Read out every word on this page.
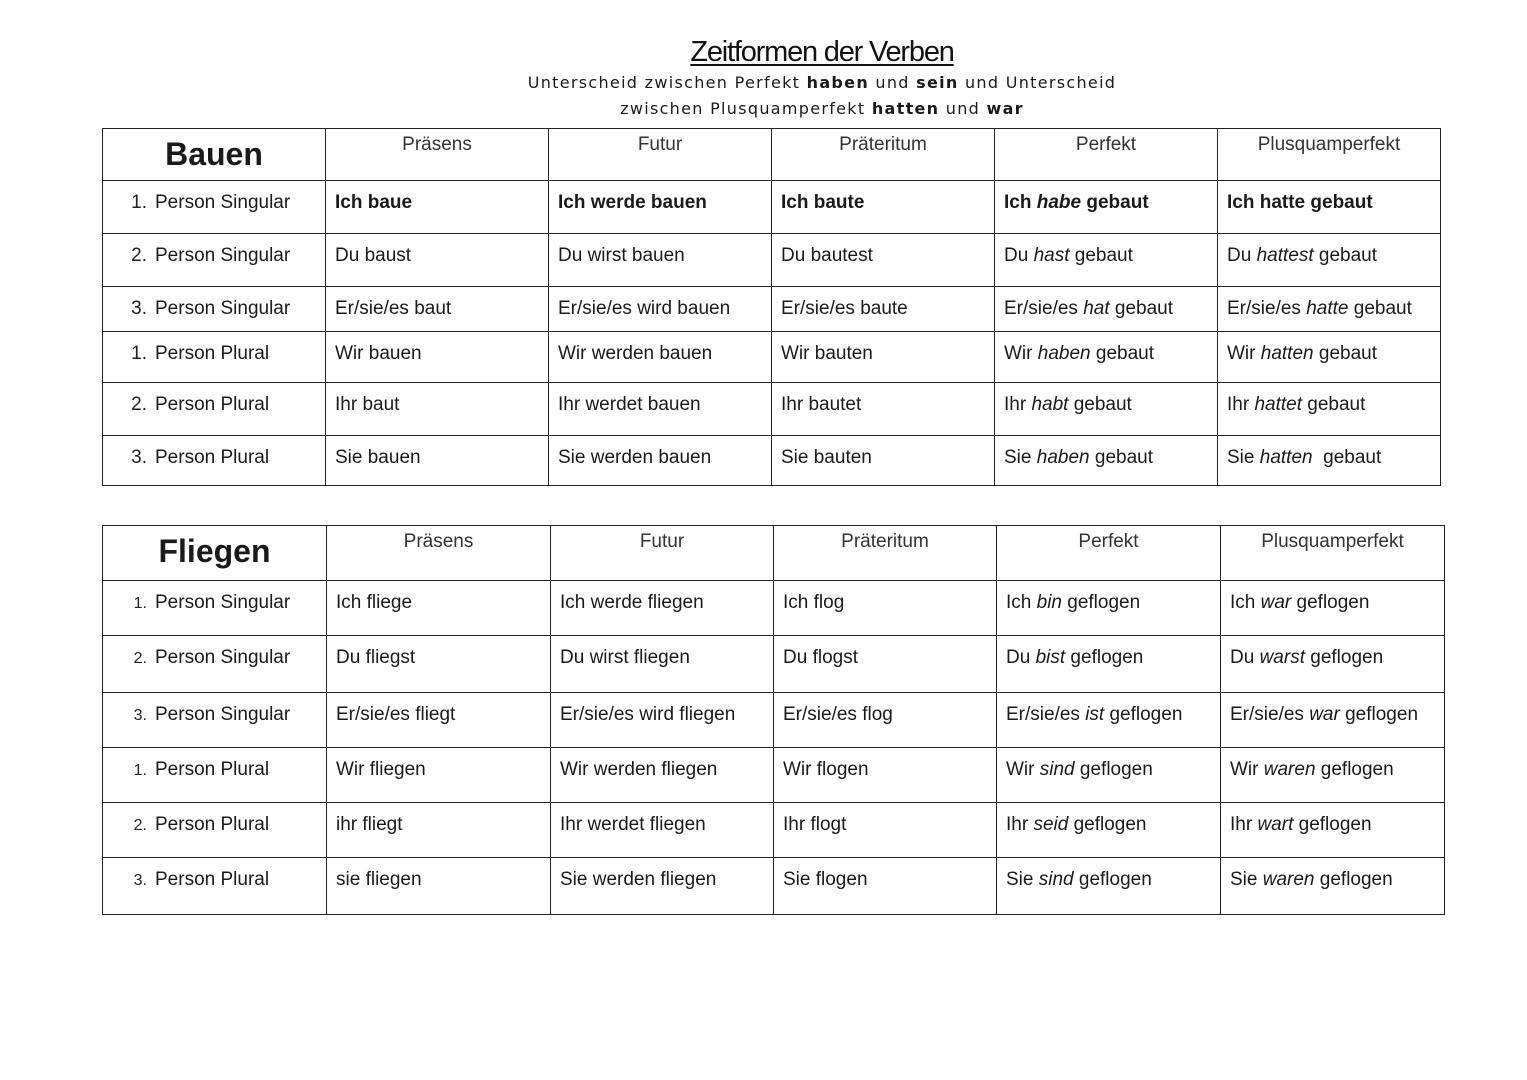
Zeitformen der Verben
Unterscheid zwischen Perfekt haben und sein und Unterscheid
zwischen Plusquamperfekt hatten und war
Bauen	Präsens	Futur	Präteritum	Perfekt	Plusquamperfekt

1. Person Singular	Ich baue	Ich werde bauen	Ich baute	Ich habe gebaut	Ich hatte gebaut

2. Person Singular	Du baust	Du wirst bauen	Du bautest	Du hast gebaut	Du hattest gebaut

3. Person Singular	Er/sie/es baut	Er/sie/es wird bauen	Er/sie/es baute	Er/sie/es hat gebaut	Er/sie/es hatte gebaut

1. Person Plural	Wir bauen	Wir werden bauen	Wir bauten	Wir haben gebaut	Wir hatten gebaut

2. Person Plural	Ihr baut	Ihr werdet bauen	Ihr bautet	Ihr habt gebaut	Ihr hattet gebaut

3. Person Plural	Sie bauen	Sie werden bauen	Sie bauten	Sie haben gebaut	Sie hatten  gebaut
Fliegen	Präsens	Futur	Präteritum	Perfekt	Plusquamperfekt

1. Person Singular	Ich fliege	Ich werde fliegen	Ich flog	Ich bin geflogen	Ich war geflogen

2. Person Singular	Du fliegst	Du wirst fliegen	Du flogst	Du bist geflogen	Du warst geflogen

3. Person Singular	Er/sie/es fliegt	Er/sie/es wird fliegen	Er/sie/es flog	Er/sie/es ist geflogen	Er/sie/es war geflogen

1. Person Plural	Wir fliegen	Wir werden fliegen	Wir flogen	Wir sind geflogen	Wir waren geflogen

2. Person Plural	ihr fliegt	Ihr werdet fliegen	Ihr flogt	Ihr seid geflogen	Ihr wart geflogen

3. Person Plural	sie fliegen	Sie werden fliegen	Sie flogen	Sie sind geflogen	Sie waren geflogen
